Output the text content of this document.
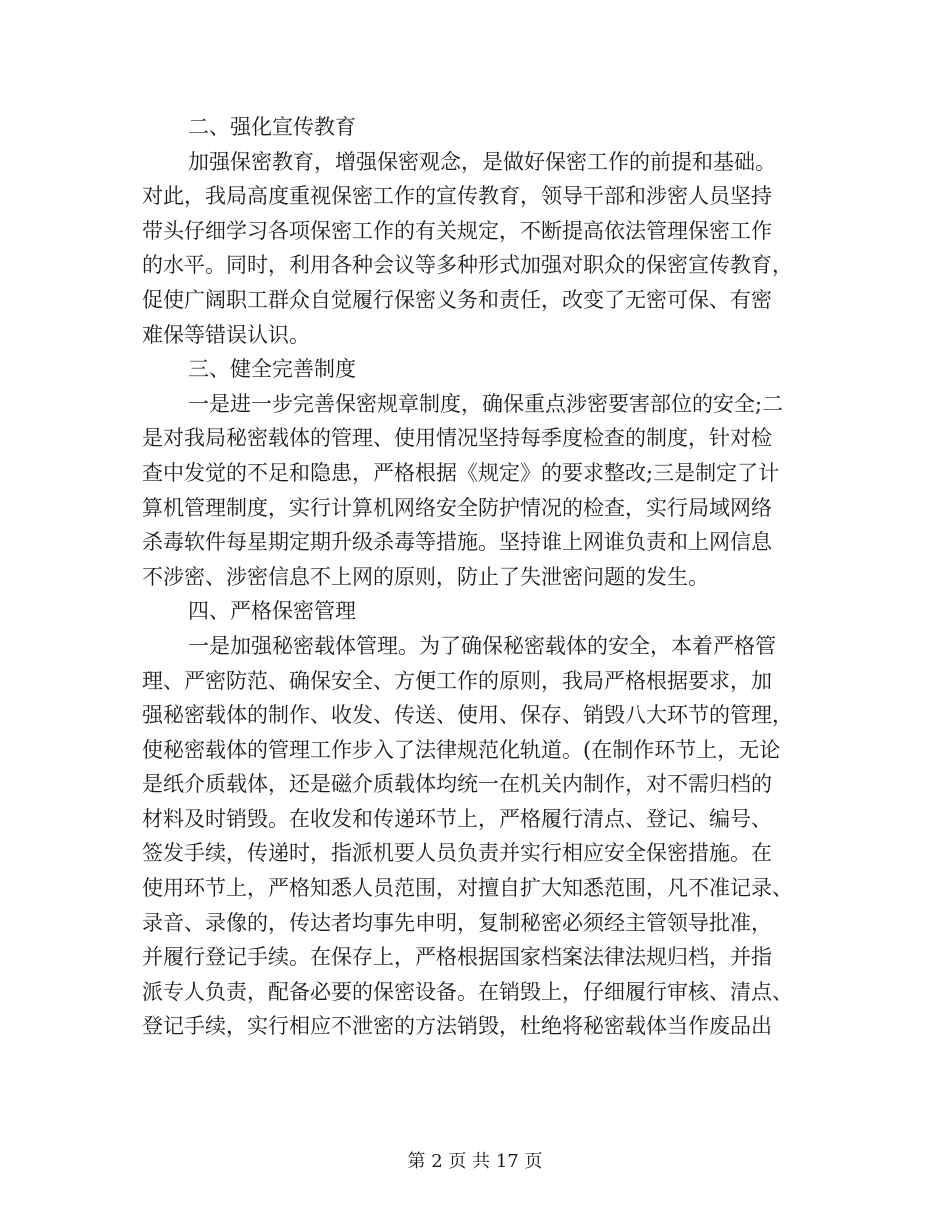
二、强化宣传教育
加强保密教育，增强保密观念，是做好保密工作的前提和基础。
对此，我局高度重视保密工作的宣传教育，领导干部和涉密人员坚持
带头仔细学习各项保密工作的有关规定，不断提高依法管理保密工作
的水平。同时，利用各种会议等多种形式加强对职众的保密宣传教育，
促使广阔职工群众自觉履行保密义务和责任，改变了无密可保、有密
难保等错误认识。
三、健全完善制度
一是进一步完善保密规章制度，确保重点涉密要害部位的安全;二
是对我局秘密载体的管理、使用情况坚持每季度检查的制度，针对检
查中发觉的不足和隐患，严格根据《规定》的要求整改;三是制定了计
算机管理制度，实行计算机网络安全防护情况的检查，实行局域网络
杀毒软件每星期定期升级杀毒等措施。坚持谁上网谁负责和上网信息
不涉密、涉密信息不上网的原则，防止了失泄密问题的发生。
四、严格保密管理
一是加强秘密载体管理。为了确保秘密载体的安全，本着严格管
理、严密防范、确保安全、方便工作的原则，我局严格根据要求，加
强秘密载体的制作、收发、传送、使用、保存、销毁八大环节的管理，
使秘密载体的管理工作步入了法律规范化轨道。(在制作环节上，无论
是纸介质载体，还是磁介质载体均统一在机关内制作，对不需归档的
材料及时销毁。在收发和传递环节上，严格履行清点、登记、编号、
签发手续，传递时，指派机要人员负责并实行相应安全保密措施。在
使用环节上，严格知悉人员范围，对擅自扩大知悉范围，凡不准记录、
录音、录像的，传达者均事先申明，复制秘密必须经主管领导批准，
并履行登记手续。在保存上，严格根据国家档案法律法规归档，并指
派专人负责，配备必要的保密设备。在销毁上，仔细履行审核、清点、
登记手续，实行相应不泄密的方法销毁，杜绝将秘密载体当作废品出
第 2 页 共 17 页
